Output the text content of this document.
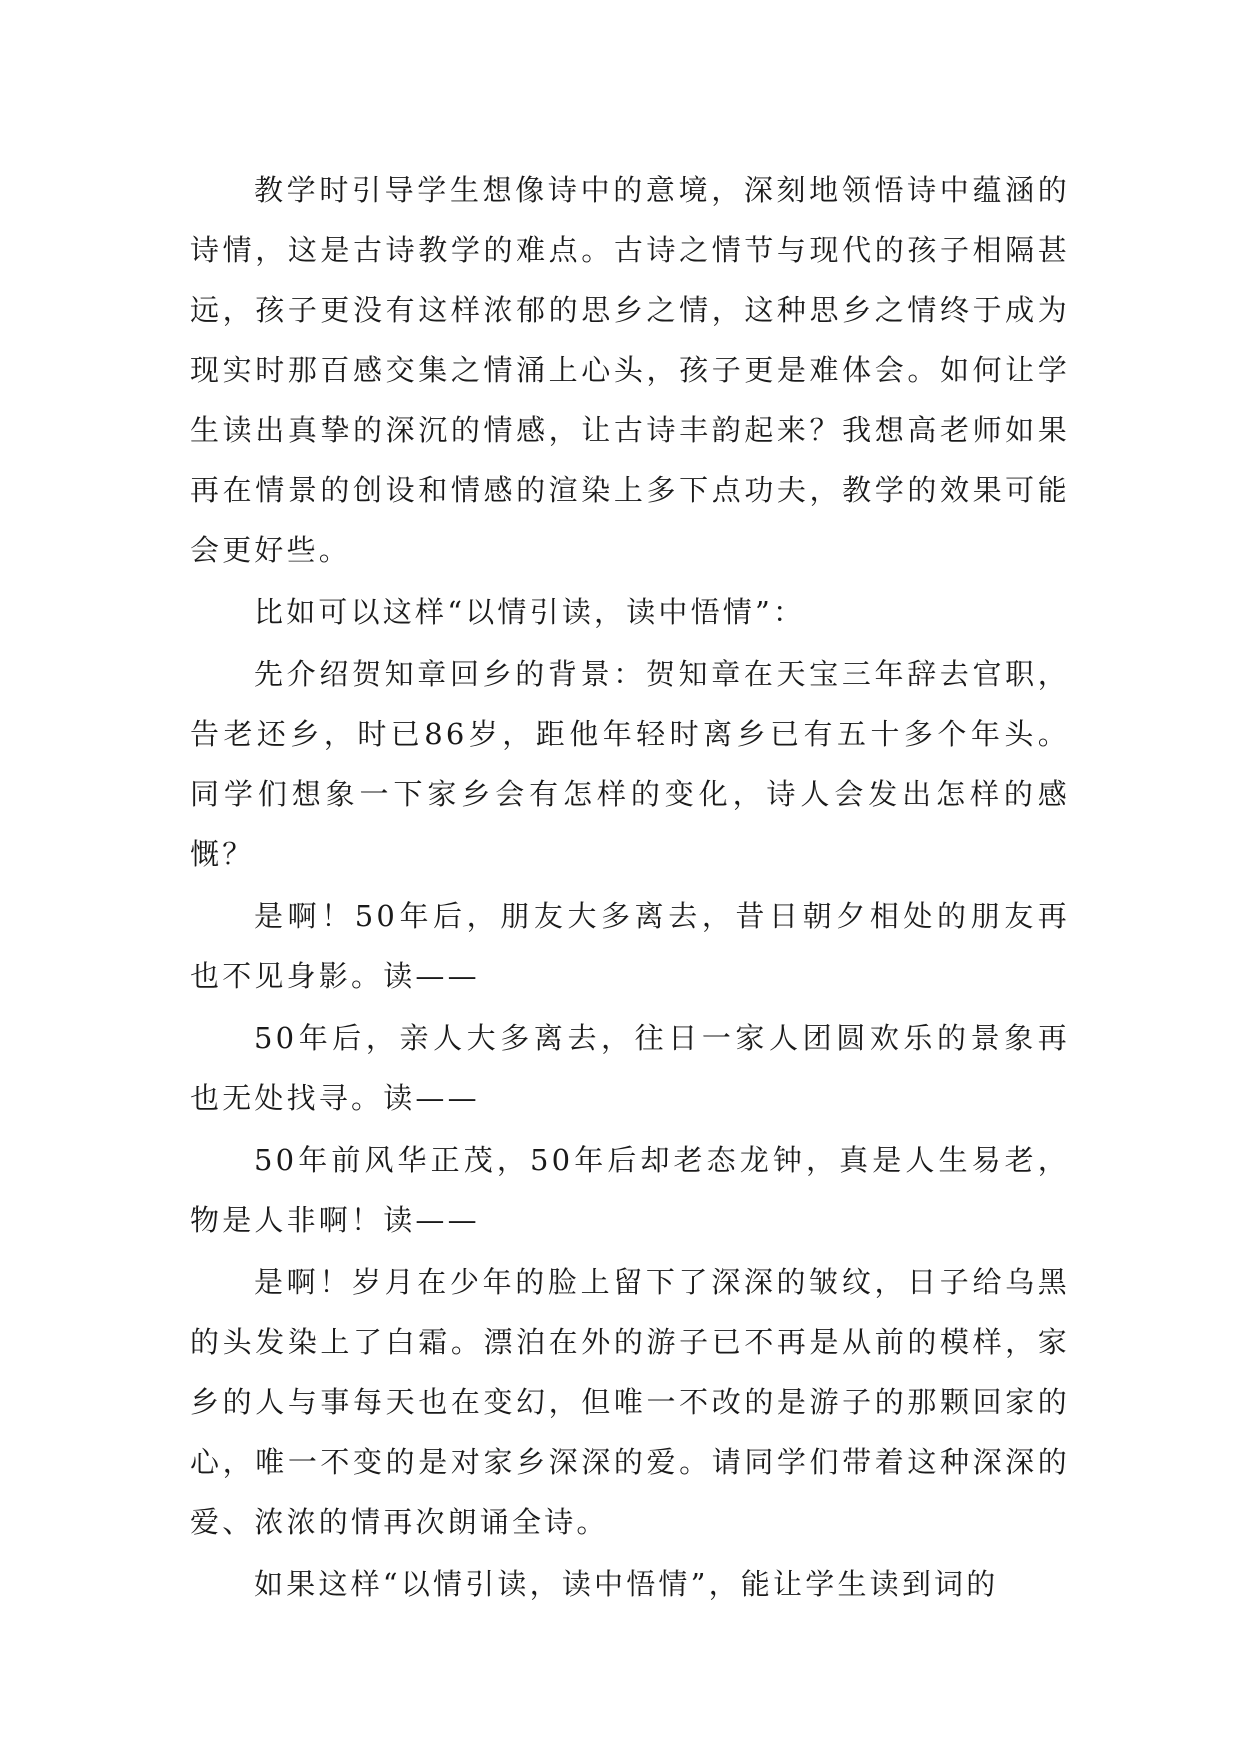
教学时引导学生想像诗中的意境，深刻地领悟诗中蕴涵的诗情，这是古诗教学的难点。古诗之情节与现代的孩子相隔甚远，孩子更没有这样浓郁的思乡之情，这种思乡之情终于成为现实时那百感交集之情涌上心头，孩子更是难体会。如何让学生读出真挚的深沉的情感，让古诗丰韵起来？我想高老师如果再在情景的创设和情感的渲染上多下点功夫，教学的效果可能会更好些。

比如可以这样“以情引读，读中悟情”：

先介绍贺知章回乡的背景：贺知章在天宝三年辞去官职，告老还乡，时已86岁，距他年轻时离乡已有五十多个年头。同学们想象一下家乡会有怎样的变化，诗人会发出怎样的感慨？

是啊！50年后，朋友大多离去，昔日朝夕相处的朋友再也不见身影。读——

50年后，亲人大多离去，往日一家人团圆欢乐的景象再也无处找寻。读——

50年前风华正茂，50年后却老态龙钟，真是人生易老，物是人非啊！读——

是啊！岁月在少年的脸上留下了深深的皱纹，日子给乌黑的头发染上了白霜。漂泊在外的游子已不再是从前的模样，家乡的人与事每天也在变幻，但唯一不改的是游子的那颗回家的心，唯一不变的是对家乡深深的爱。请同学们带着这种深深的爱、浓浓的情再次朗诵全诗。

如果这样“以情引读，读中悟情”，能让学生读到词的
